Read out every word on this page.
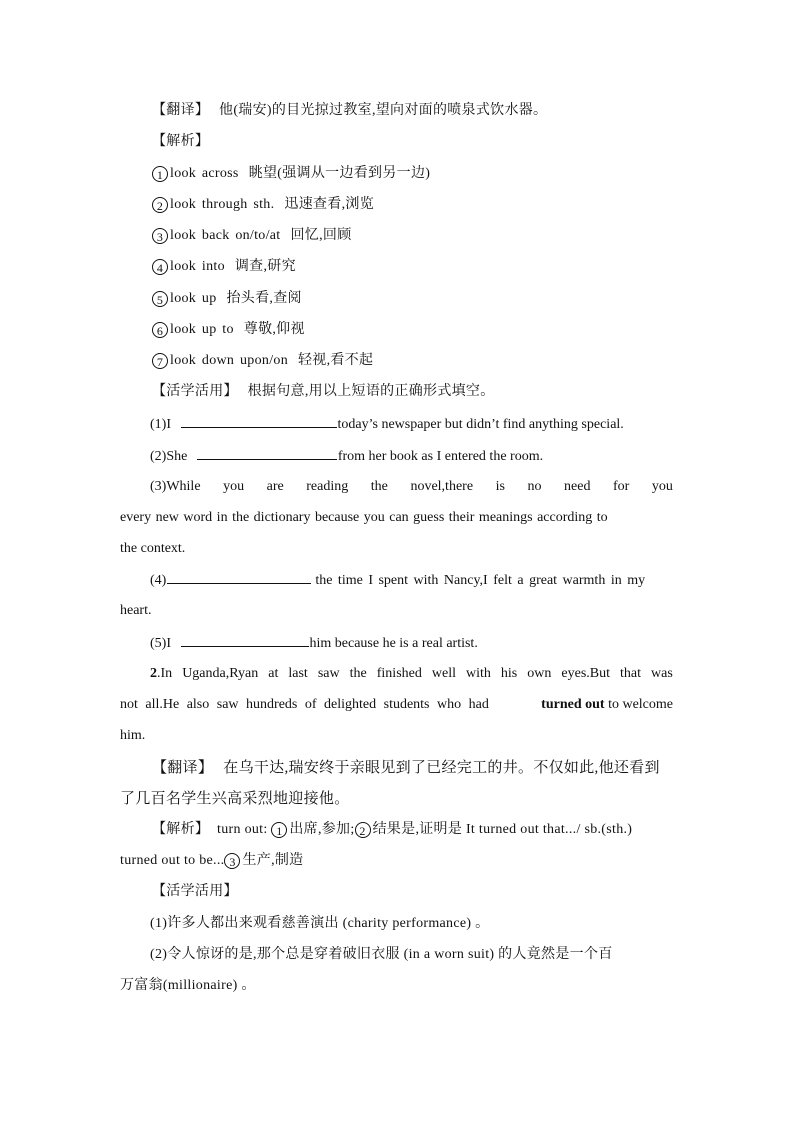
【翻译】 他(瑞安)的目光掠过教室,望向对面的喷泉式饮水器。
【解析】
1 look across 眺望(强调从一边看到另一边)
2 look through sth. 迅速查看,浏览
3 look back on/to/at 回忆,回顾
4 look into 调查,研究
5 look up 抬头看,查阅
6 look up to 尊敬,仰视
7 look down upon/on 轻视,看不起
【活学活用】 根据句意,用以上短语的正确形式填空。
(1)I	today’s newspaper but didn’t find anything special.
(2)She	from her book as I entered the room.
(3)While you are reading the novel,there is no need for you
every new word in the dictionary because you can guess their meanings according to
the context.
(4)	the time I spent with Nancy,I felt a great warmth in my
heart.
(5)I	him because he is a real artist.
2.In Uganda,Ryan at last saw the finished well with his own eyes.But that was
not all.He also saw hundreds of delighted students who had	turned out to welcome
him.
【翻译】 在乌干达,瑞安终于亲眼见到了已经完工的井。不仅如此,他还看到
了几百名学生兴高采烈地迎接他。
【解析】 turn out: 1 出席,参加; 2 结果是,证明是 It turned out that.../ sb.(sth.)
turned out to be... 3 生产,制造
【活学活用】
(1)许多人都出来观看慈善演出 (charity performance) 。
(2)令人惊讶的是,那个总是穿着破旧衣服 (in a worn suit) 的人竟然是一个百
万富翁(millionaire) 。
